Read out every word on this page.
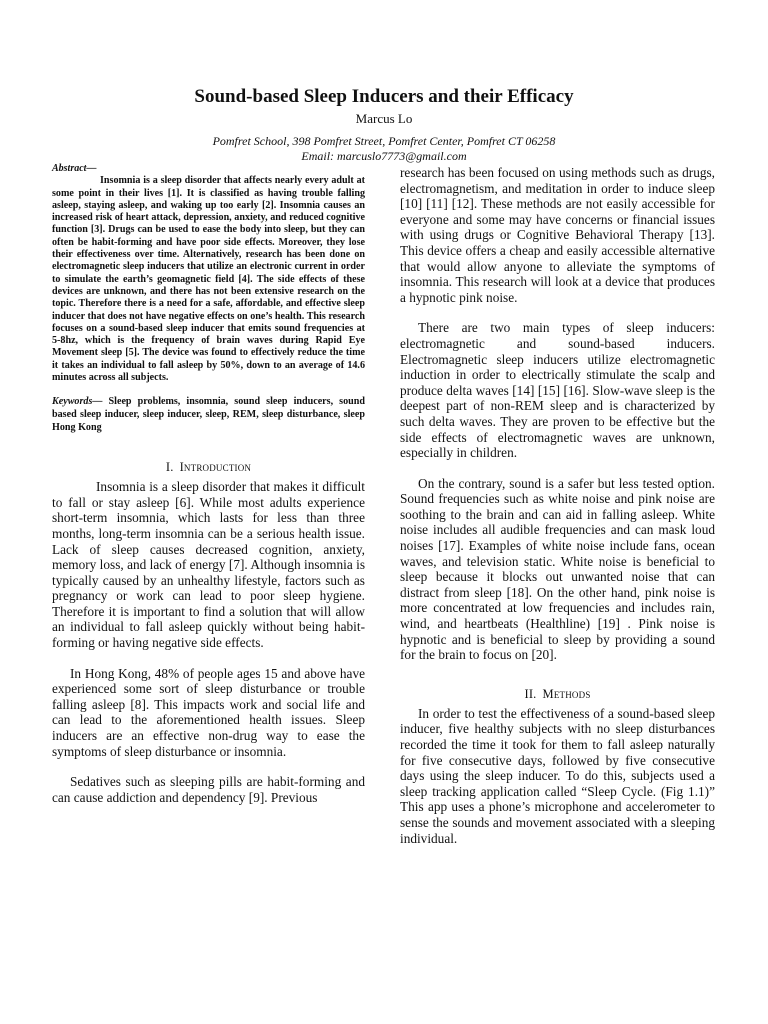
Sound-based Sleep Inducers and their Efficacy

Marcus Lo

Pomfret School, 398 Pomfret Street, Pomfret Center, Pomfret CT 06258
Email: marcuslo7773@gmail.com

Abstract—
Insomnia is a sleep disorder that affects nearly every adult at some point in their lives [1]. It is classified as having trouble falling asleep, staying asleep, and waking up too early [2]. Insomnia causes an increased risk of heart attack, depression, anxiety, and reduced cognitive function [3]. Drugs can be used to ease the body into sleep, but they can often be habit-forming and have poor side effects. Moreover, they lose their effectiveness over time. Alternatively, research has been done on electromagnetic sleep inducers that utilize an electronic current in order to simulate the earth’s geomagnetic field [4]. The side effects of these devices are unknown, and there has not been extensive research on the topic. Therefore there is a need for a safe, affordable, and effective sleep inducer that does not have negative effects on one’s health. This research focuses on a sound-based sleep inducer that emits sound frequencies at 5-8hz, which is the frequency of brain waves during Rapid Eye Movement sleep [5]. The device was found to effectively reduce the time it takes an individual to fall asleep by 50%, down to an average of 14.6 minutes across all subjects.

Keywords— Sleep problems, insomnia, sound sleep inducers, sound based sleep inducer, sleep inducer, sleep, REM, sleep disturbance, sleep Hong Kong

I. Introduction

Insomnia is a sleep disorder that makes it difficult to fall or stay asleep [6]. While most adults experience short-term insomnia, which lasts for less than three months, long-term insomnia can be a serious health issue. Lack of sleep causes decreased cognition, anxiety, memory loss, and lack of energy [7]. Although insomnia is typically caused by an unhealthy lifestyle, factors such as pregnancy or work can lead to poor sleep hygiene. Therefore it is important to find a solution that will allow an individual to fall asleep quickly without being habit-forming or having negative side effects.

In Hong Kong, 48% of people ages 15 and above have experienced some sort of sleep disturbance or trouble falling asleep [8]. This impacts work and social life and can lead to the aforementioned health issues. Sleep inducers are an effective non-drug way to ease the symptoms of sleep disturbance or insomnia.

Sedatives such as sleeping pills are habit-forming and can cause addiction and dependency [9]. Previous

research has been focused on using methods such as drugs, electromagnetism, and meditation in order to induce sleep [10] [11] [12]. These methods are not easily accessible for everyone and some may have concerns or financial issues with using drugs or Cognitive Behavioral Therapy [13]. This device offers a cheap and easily accessible alternative that would allow anyone to alleviate the symptoms of insomnia. This research will look at a device that produces a hypnotic pink noise.

There are two main types of sleep inducers: electromagnetic and sound-based inducers. Electromagnetic sleep inducers utilize electromagnetic induction in order to electrically stimulate the scalp and produce delta waves [14] [15] [16]. Slow-wave sleep is the deepest part of non-REM sleep and is characterized by such delta waves. They are proven to be effective but the side effects of electromagnetic waves are unknown, especially in children.

On the contrary, sound is a safer but less tested option. Sound frequencies such as white noise and pink noise are soothing to the brain and can aid in falling asleep. White noise includes all audible frequencies and can mask loud noises [17]. Examples of white noise include fans, ocean waves, and television static. White noise is beneficial to sleep because it blocks out unwanted noise that can distract from sleep [18]. On the other hand, pink noise is more concentrated at low frequencies and includes rain, wind, and heartbeats (Healthline) [19] . Pink noise is hypnotic and is beneficial to sleep by providing a sound for the brain to focus on [20].

II. Methods

In order to test the effectiveness of a sound-based sleep inducer, five healthy subjects with no sleep disturbances recorded the time it took for them to fall asleep naturally for five consecutive days, followed by five consecutive days using the sleep inducer. To do this, subjects used a sleep tracking application called “Sleep Cycle. (Fig 1.1)” This app uses a phone’s microphone and accelerometer to sense the sounds and movement associated with a sleeping individual.
